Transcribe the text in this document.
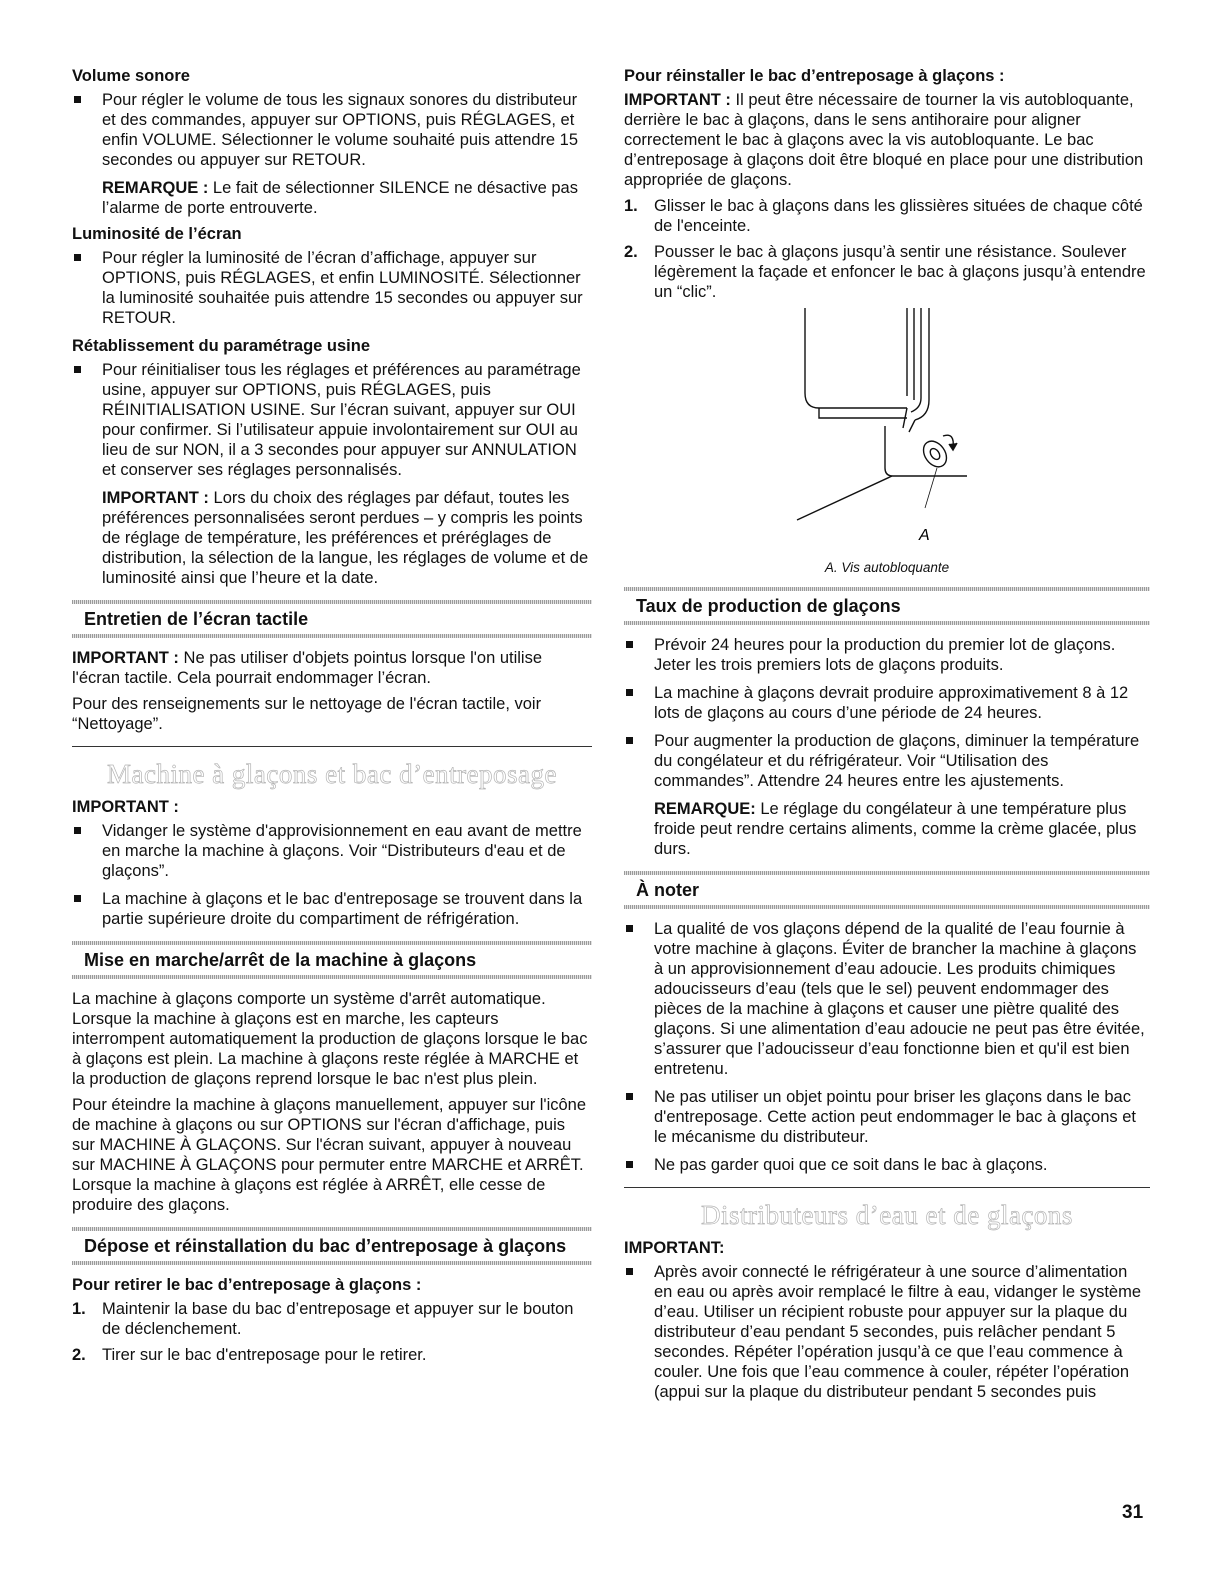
Volume sonore
Pour régler le volume de tous les signaux sonores du distributeur et des commandes, appuyer sur OPTIONS, puis RÉGLAGES, et enfin VOLUME. Sélectionner le volume souhaité puis attendre 15 secondes ou appuyer sur RETOUR.
REMARQUE : Le fait de sélectionner SILENCE ne désactive pas l’alarme de porte entrouverte.
Luminosité de l’écran
Pour régler la luminosité de l’écran d’affichage, appuyer sur OPTIONS, puis RÉGLAGES, et enfin LUMINOSITÉ. Sélectionner la luminosité souhaitée puis attendre 15 secondes ou appuyer sur RETOUR.
Rétablissement du paramétrage usine
Pour réinitialiser tous les réglages et préférences au paramétrage usine, appuyer sur OPTIONS, puis RÉGLAGES, puis RÉINITIALISATION USINE. Sur l’écran suivant, appuyer sur OUI pour confirmer. Si l’utilisateur appuie involontairement sur OUI au lieu de sur NON, il a 3 secondes pour appuyer sur ANNULATION et conserver ses réglages personnalisés.
IMPORTANT : Lors du choix des réglages par défaut, toutes les préférences personnalisées seront perdues – y compris les points de réglage de température, les préférences et préréglages de distribution, la sélection de la langue, les réglages de volume et de luminosité ainsi que l’heure et la date.
Entretien de l’écran tactile

IMPORTANT : Ne pas utiliser d'objets pointus lorsque l'on utilise l'écran tactile. Cela pourrait endommager l’écran.

Pour des renseignements sur le nettoyage de l'écran tactile, voir “Nettoyage”.

Machine à glaçons et bac d’entreposage
IMPORTANT :
Vidanger le système d'approvisionnement en eau avant de mettre en marche la machine à glaçons. Voir “Distributeurs d'eau et de glaçons”.
La machine à glaçons et le bac d'entreposage se trouvent dans la partie supérieure droite du compartiment de réfrigération.
Mise en marche/arrêt de la machine à glaçons

La machine à glaçons comporte un système d'arrêt automatique. Lorsque la machine à glaçons est en marche, les capteurs interrompent automatiquement la production de glaçons lorsque le bac à glaçons est plein. La machine à glaçons reste réglée à MARCHE et la production de glaçons reprend lorsque le bac n'est plus plein.

Pour éteindre la machine à glaçons manuellement, appuyer sur l'icône de machine à glaçons ou sur OPTIONS sur l'écran d'affichage, puis sur MACHINE À GLAÇONS. Sur l'écran suivant, appuyer à nouveau sur MACHINE À GLAÇONS pour permuter entre MARCHE et ARRÊT. Lorsque la machine à glaçons est réglée à ARRÊT, elle cesse de produire des glaçons.

Dépose et réinstallation du bac d’entreposage à glaçons
Pour retirer le bac d’entreposage à glaçons :
1. Maintenir la base du bac d’entreposage et appuyer sur le bouton de déclenchement.
2. Tirer sur le bac d'entreposage pour le retirer.
Pour réinstaller le bac d’entreposage à glaçons :

IMPORTANT : Il peut être nécessaire de tourner la vis autobloquante, derrière le bac à glaçons, dans le sens antihoraire pour aligner correctement le bac à glaçons avec la vis autobloquante. Le bac d’entreposage à glaçons doit être bloqué en place pour une distribution appropriée de glaçons.

1. Glisser le bac à glaçons dans les glissières situées de chaque côté de l'enceinte.
2. Pousser le bac à glaçons jusqu’à sentir une résistance. Soulever légèrement la façade et enfoncer le bac à glaçons jusqu’à entendre un “clic”.
A
A. Vis autobloquante
Taux de production de glaçons
Prévoir 24 heures pour la production du premier lot de glaçons. Jeter les trois premiers lots de glaçons produits.
La machine à glaçons devrait produire approximativement 8 à 12 lots de glaçons au cours d’une période de 24 heures.
Pour augmenter la production de glaçons, diminuer la température du congélateur et du réfrigérateur. Voir “Utilisation des commandes”. Attendre 24 heures entre les ajustements.
REMARQUE: Le réglage du congélateur à une température plus froide peut rendre certains aliments, comme la crème glacée, plus durs.
À noter
La qualité de vos glaçons dépend de la qualité de l’eau fournie à votre machine à glaçons. Éviter de brancher la machine à glaçons à un approvisionnement d’eau adoucie. Les produits chimiques adoucisseurs d’eau (tels que le sel) peuvent endommager des pièces de la machine à glaçons et causer une piètre qualité des glaçons. Si une alimentation d’eau adoucie ne peut pas être évitée, s’assurer que l’adoucisseur d’eau fonctionne bien et qu'il est bien entretenu.
Ne pas utiliser un objet pointu pour briser les glaçons dans le bac d'entreposage. Cette action peut endommager le bac à glaçons et le mécanisme du distributeur.
Ne pas garder quoi que ce soit dans le bac à glaçons.
Distributeurs d’eau et de glaçons
IMPORTANT:
Après avoir connecté le réfrigérateur à une source d’alimentation en eau ou après avoir remplacé le filtre à eau, vidanger le système d’eau. Utiliser un récipient robuste pour appuyer sur la plaque du distributeur d’eau pendant 5 secondes, puis relâcher pendant 5 secondes. Répéter l’opération jusqu’à ce que l’eau commence à couler. Une fois que l’eau commence à couler, répéter l’opération (appui sur la plaque du distributeur pendant 5 secondes puis
31
